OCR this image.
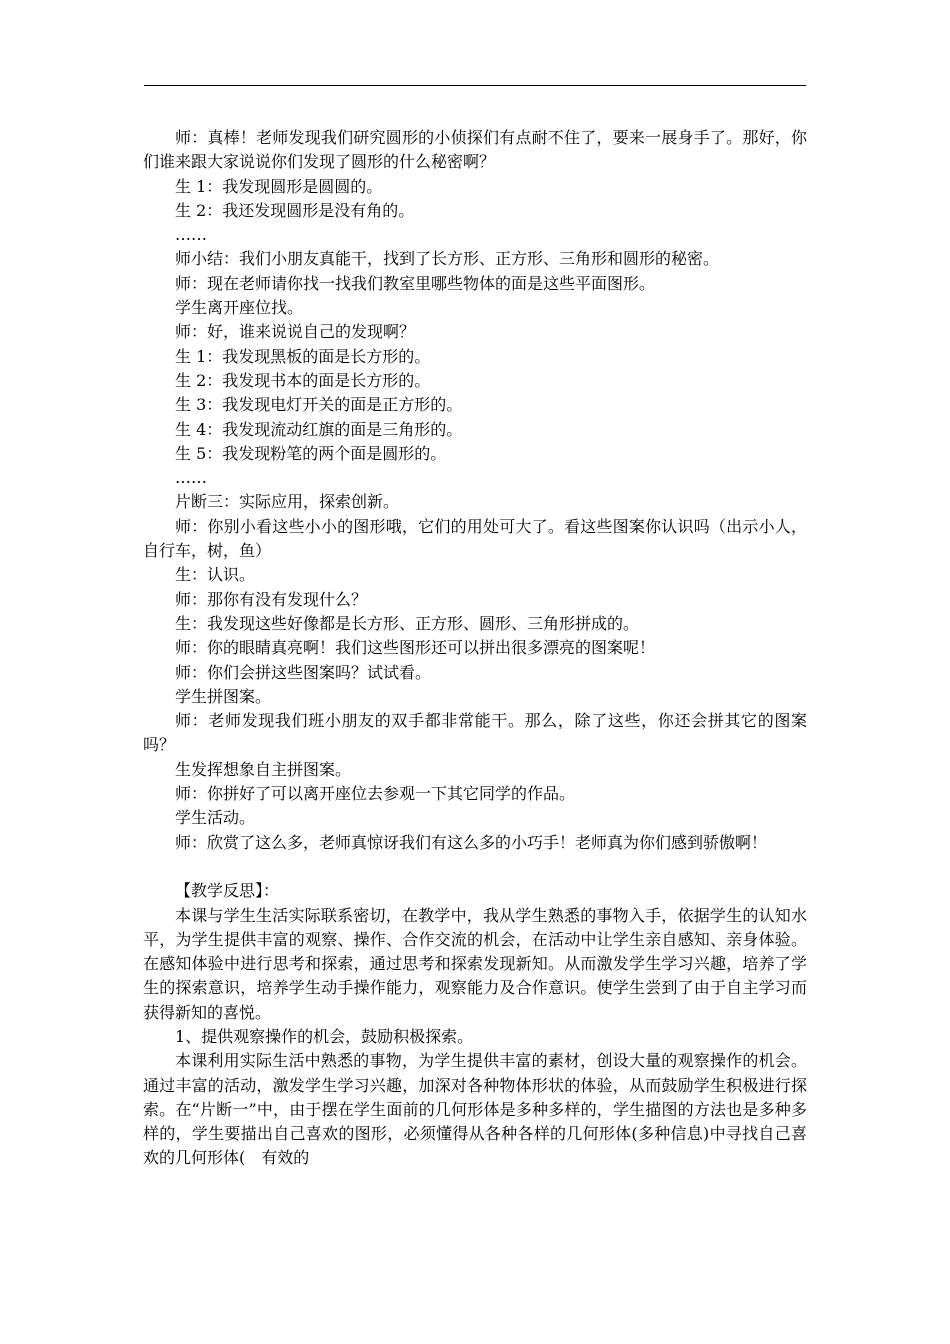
师：真棒！老师发现我们研究圆形的小侦探们有点耐不住了，要来一展身手了。那好，你们谁来跟大家说说你们发现了圆形的什么秘密啊？

生 1：我发现圆形是圆圆的。

生 2：我还发现圆形是没有角的。

……

师小结：我们小朋友真能干，找到了长方形、正方形、三角形和圆形的秘密。

师：现在老师请你找一找我们教室里哪些物体的面是这些平面图形。

学生离开座位找。

师：好，谁来说说自己的发现啊？

生 1：我发现黑板的面是长方形的。

生 2：我发现书本的面是长方形的。

生 3：我发现电灯开关的面是正方形的。

生 4：我发现流动红旗的面是三角形的。

生 5：我发现粉笔的两个面是圆形的。

……

片断三：实际应用，探索创新。

师：你别小看这些小小的图形哦，它们的用处可大了。看这些图案你认识吗（出示小人，自行车，树，鱼）

生：认识。

师：那你有没有发现什么？

生：我发现这些好像都是长方形、正方形、圆形、三角形拼成的。

师：你的眼睛真亮啊！我们这些图形还可以拼出很多漂亮的图案呢！

师：你们会拼这些图案吗？试试看。

学生拼图案。

师：老师发现我们班小朋友的双手都非常能干。那么，除了这些，你还会拼其它的图案吗？

生发挥想象自主拼图案。

师：你拼好了可以离开座位去参观一下其它同学的作品。

学生活动。

师：欣赏了这么多，老师真惊讶我们有这么多的小巧手！老师真为你们感到骄傲啊！

【教学反思】：

本课与学生生活实际联系密切，在教学中，我从学生熟悉的事物入手，依据学生的认知水平，为学生提供丰富的观察、操作、合作交流的机会，在活动中让学生亲自感知、亲身体验。在感知体验中进行思考和探索，通过思考和探索发现新知。从而激发学生学习兴趣，培养了学生的探索意识，培养学生动手操作能力，观察能力及合作意识。使学生尝到了由于自主学习而获得新知的喜悦。

1、提供观察操作的机会，鼓励积极探索。

本课利用实际生活中熟悉的事物，为学生提供丰富的素材，创设大量的观察操作的机会。通过丰富的活动，激发学生学习兴趣，加深对各种物体形状的体验，从而鼓励学生积极进行探索。在“片断一”中，由于摆在学生面前的几何形体是多种多样的，学生描图的方法也是多种多样的，学生要描出自己喜欢的图形，必须懂得从各种各样的几何形体(多种信息)中寻找自己喜欢的几何形体(　有效的
